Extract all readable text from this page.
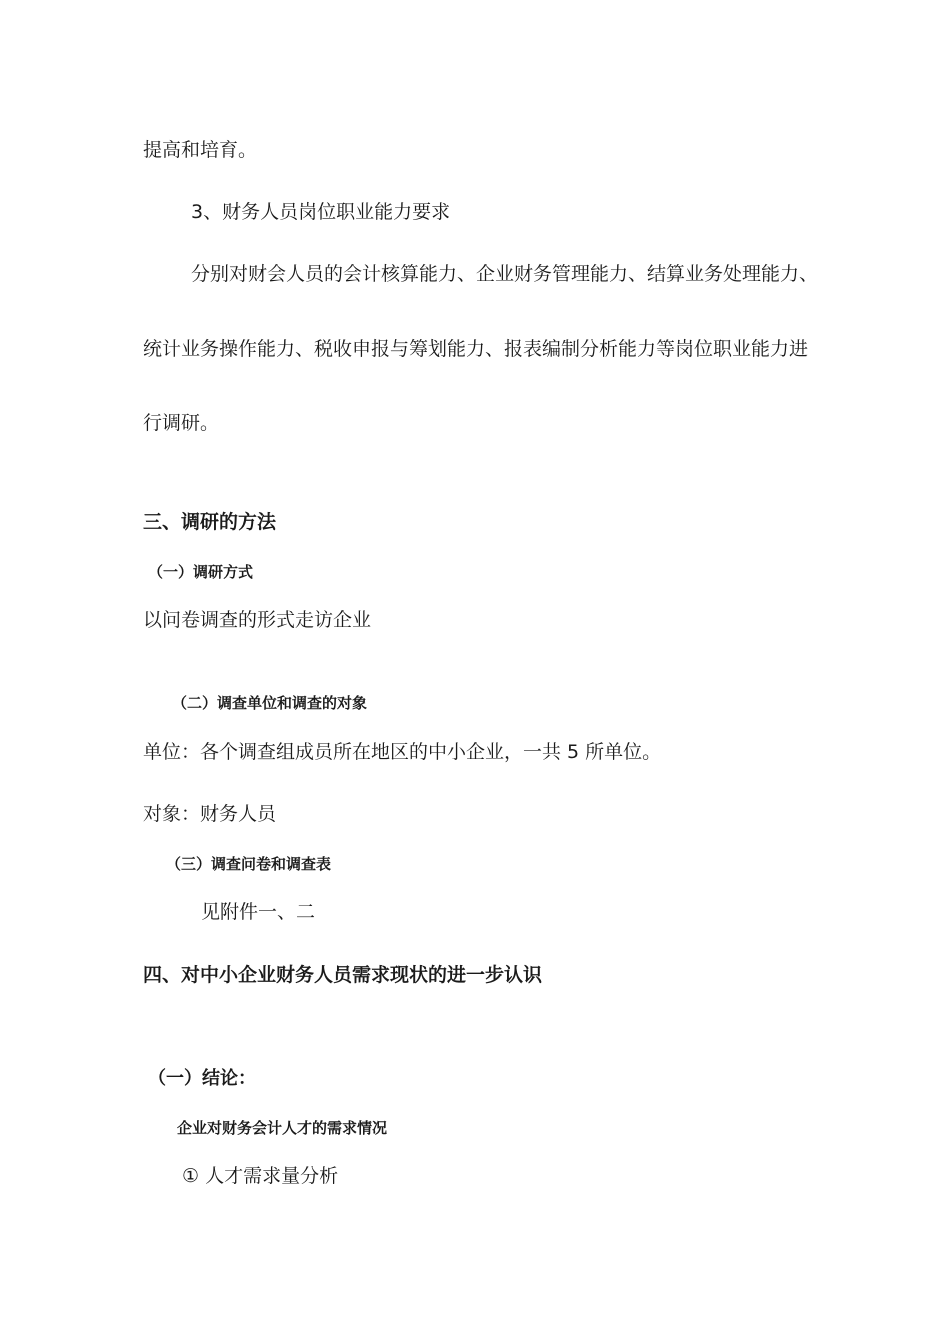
提高和培育。
3、财务人员岗位职业能力要求
分别对财会人员的会计核算能力、企业财务管理能力、结算业务处理能力、
统计业务操作能力、税收申报与筹划能力、报表编制分析能力等岗位职业能力进
行调研。
三、调研的方法
（一）调研方式
以问卷调查的形式走访企业
（二）调查单位和调查的对象
单位：各个调查组成员所在地区的中小企业，一共 5 所单位。
对象：财务人员
（三）调查问卷和调查表
见附件一、二
四、对中小企业财务人员需求现状的进一步认识
（一）结论：
企业对财务会计人才的需求情况
① 人才需求量分析
